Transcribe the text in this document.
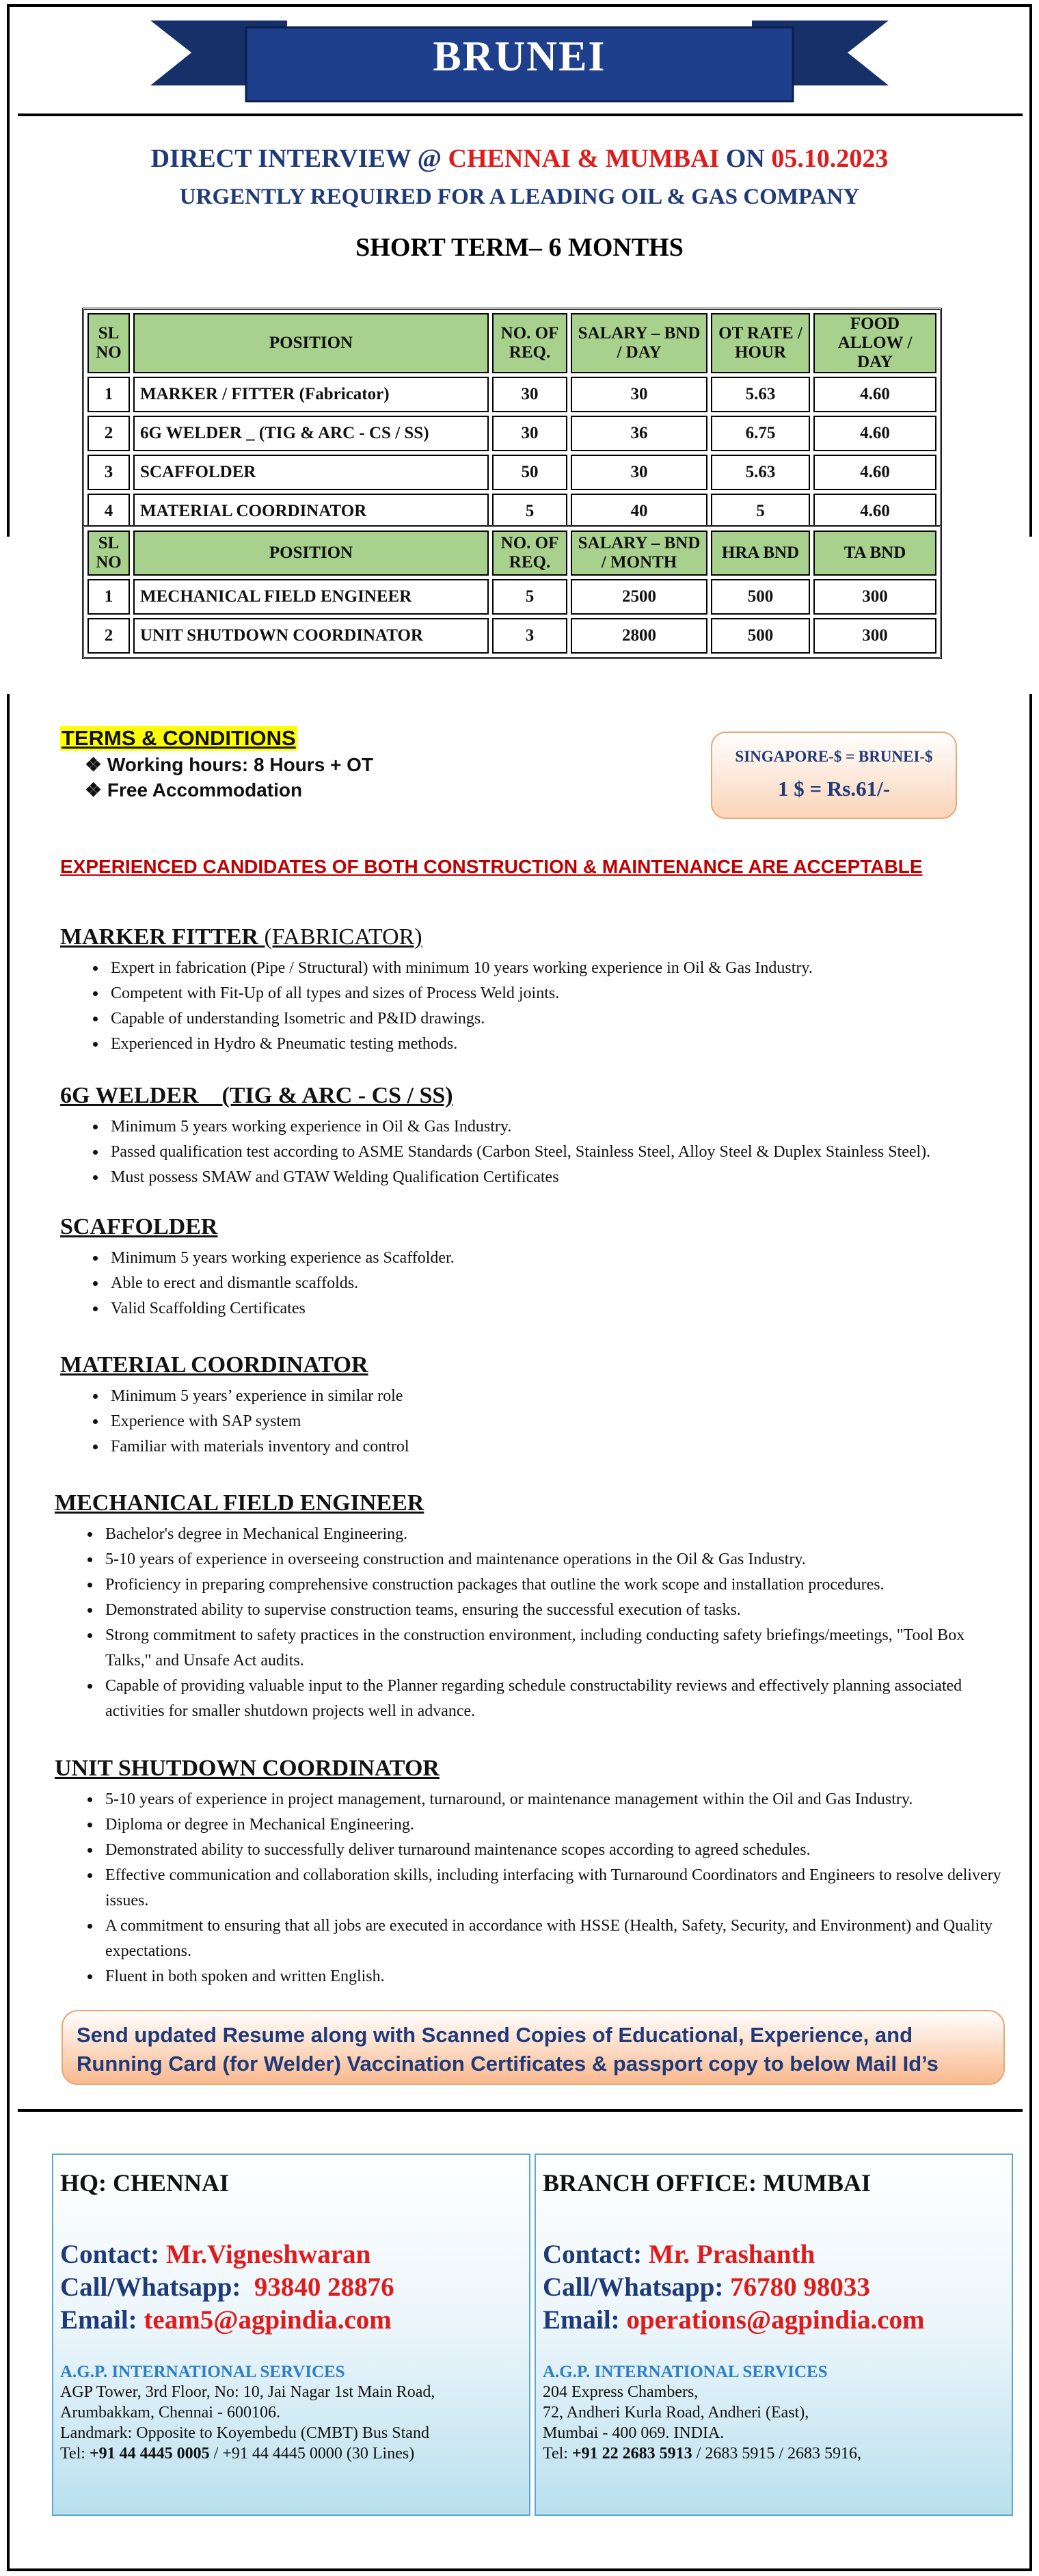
BRUNEI
DIRECT INTERVIEW @ CHENNAI & MUMBAI ON 05.10.2023
URGENTLY REQUIRED FOR A LEADING OIL & GAS COMPANY
SHORT TERM– 6 MONTHS
SL NO	POSITION	NO. OF REQ.	SALARY – BND / DAY	OT RATE / HOUR	FOOD ALLOW / DAY
1	MARKER / FITTER (Fabricator)	30	30	5.63	4.60
2	6G WELDER _ (TIG & ARC - CS / SS)	30	36	6.75	4.60
3	SCAFFOLDER	50	30	5.63	4.60
4	MATERIAL COORDINATOR	5	40	5	4.60
SL NO	POSITION	NO. OF REQ.	SALARY – BND / MONTH	HRA BND	TA BND
1	MECHANICAL FIELD ENGINEER	5	2500	500	300
2	UNIT SHUTDOWN COORDINATOR	3	2800	500	300
TERMS & CONDITIONS
❖ Working hours: 8 Hours + OT
❖ Free Accommodation
SINGAPORE-$ = BRUNEI-$
1 $ = Rs.61/-
EXPERIENCED CANDIDATES OF BOTH CONSTRUCTION & MAINTENANCE ARE ACCEPTABLE
MARKER FITTER (FABRICATOR)
• Expert in fabrication (Pipe / Structural) with minimum 10 years working experience in Oil & Gas Industry.
• Competent with Fit-Up of all types and sizes of Process Weld joints.
• Capable of understanding Isometric and P&ID drawings.
• Experienced in Hydro & Pneumatic testing methods.
6G WELDER    (TIG & ARC - CS / SS)
• Minimum 5 years working experience in Oil & Gas Industry.
• Passed qualification test according to ASME Standards (Carbon Steel, Stainless Steel, Alloy Steel & Duplex Stainless Steel).
• Must possess SMAW and GTAW Welding Qualification Certificates
SCAFFOLDER
• Minimum 5 years working experience as Scaffolder.
• Able to erect and dismantle scaffolds.
• Valid Scaffolding Certificates
MATERIAL COORDINATOR
• Minimum 5 years’ experience in similar role
• Experience with SAP system
• Familiar with materials inventory and control
MECHANICAL FIELD ENGINEER
• Bachelor's degree in Mechanical Engineering.
• 5-10 years of experience in overseeing construction and maintenance operations in the Oil & Gas Industry.
• Proficiency in preparing comprehensive construction packages that outline the work scope and installation procedures.
• Demonstrated ability to supervise construction teams, ensuring the successful execution of tasks.
• Strong commitment to safety practices in the construction environment, including conducting safety briefings/meetings, "Tool Box Talks," and Unsafe Act audits.
• Capable of providing valuable input to the Planner regarding schedule constructability reviews and effectively planning associated activities for smaller shutdown projects well in advance.
UNIT SHUTDOWN COORDINATOR
• 5-10 years of experience in project management, turnaround, or maintenance management within the Oil and Gas Industry.
• Diploma or degree in Mechanical Engineering.
• Demonstrated ability to successfully deliver turnaround maintenance scopes according to agreed schedules.
• Effective communication and collaboration skills, including interfacing with Turnaround Coordinators and Engineers to resolve delivery issues.
• A commitment to ensuring that all jobs are executed in accordance with HSSE (Health, Safety, Security, and Environment) and Quality expectations.
• Fluent in both spoken and written English.
Send updated Resume along with Scanned Copies of Educational, Experience, and
Running Card (for Welder) Vaccination Certificates & passport copy to below Mail Id’s
HQ: CHENNAI
Contact: Mr.Vigneshwaran
Call/Whatsapp:  93840 28876
Email: team5@agpindia.com
A.G.P. INTERNATIONAL SERVICES
AGP Tower, 3rd Floor, No: 10, Jai Nagar 1st Main Road,
Arumbakkam, Chennai - 600106.
Landmark: Opposite to Koyembedu (CMBT) Bus Stand
Tel: +91 44 4445 0005 / +91 44 4445 0000 (30 Lines)
BRANCH OFFICE: MUMBAI
Contact: Mr. Prashanth
Call/Whatsapp: 76780 98033
Email: operations@agpindia.com
A.G.P. INTERNATIONAL SERVICES
204 Express Chambers,
72, Andheri Kurla Road, Andheri (East),
Mumbai - 400 069. INDIA.
Tel: +91 22 2683 5913 / 2683 5915 / 2683 5916,
